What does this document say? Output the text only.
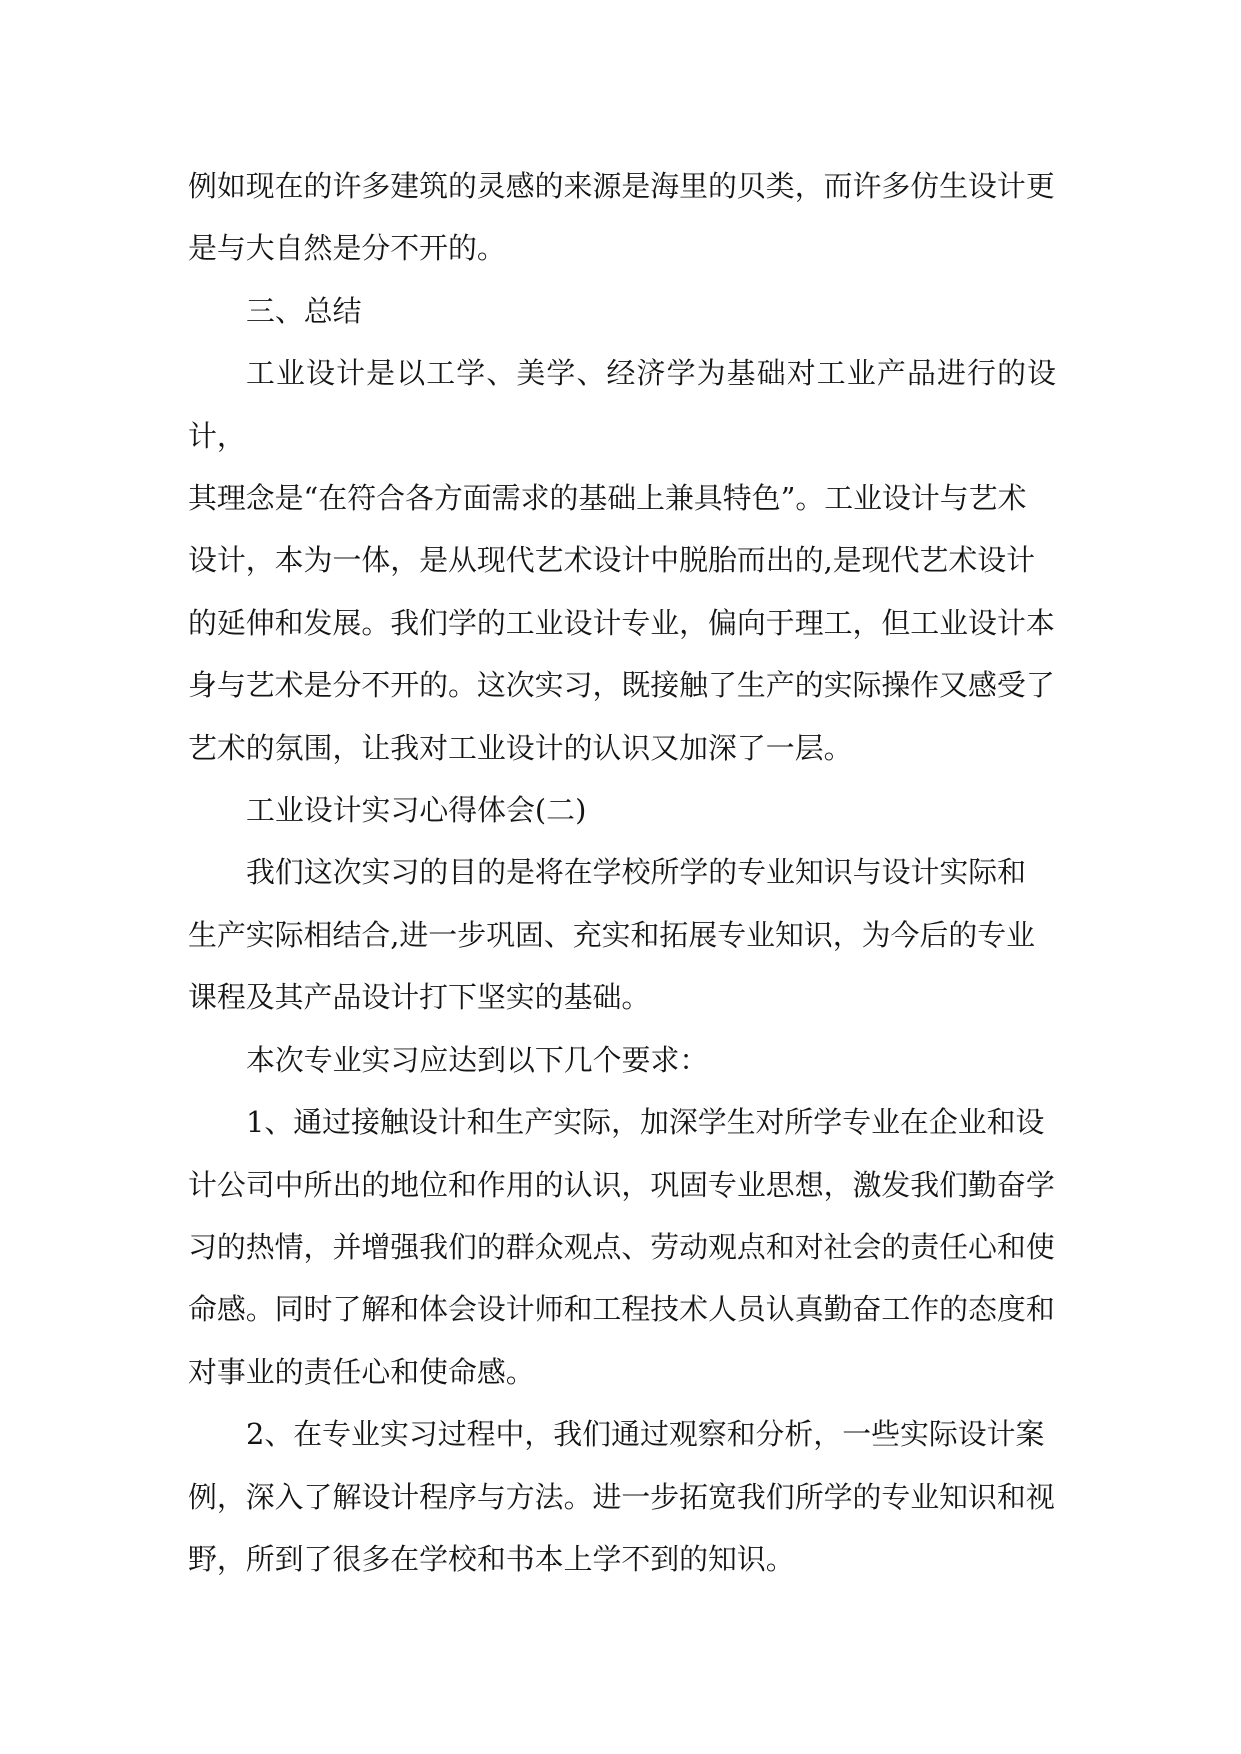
例如现在的许多建筑的灵感的来源是海里的贝类，而许多仿生设计更
是与大自然是分不开的。

三、总结

工业设计是以工学、美学、经济学为基础对工业产品进行的设计，
其理念是“在符合各方面需求的基础上兼具特色”。工业设计与艺术
设计，本为一体，是从现代艺术设计中脱胎而出的,是现代艺术设计
的延伸和发展。我们学的工业设计专业，偏向于理工，但工业设计本
身与艺术是分不开的。这次实习，既接触了生产的实际操作又感受了
艺术的氛围，让我对工业设计的认识又加深了一层。

工业设计实习心得体会(二)

我们这次实习的目的是将在学校所学的专业知识与设计实际和
生产实际相结合,进一步巩固、充实和拓展专业知识，为今后的专业
课程及其产品设计打下坚实的基础。

本次专业实习应达到以下几个要求：

1、通过接触设计和生产实际，加深学生对所学专业在企业和设
计公司中所出的地位和作用的认识，巩固专业思想，激发我们勤奋学
习的热情，并增强我们的群众观点、劳动观点和对社会的责任心和使
命感。同时了解和体会设计师和工程技术人员认真勤奋工作的态度和
对事业的责任心和使命感。

2、在专业实习过程中，我们通过观察和分析，一些实际设计案
例，深入了解设计程序与方法。进一步拓宽我们所学的专业知识和视
野，所到了很多在学校和书本上学不到的知识。
